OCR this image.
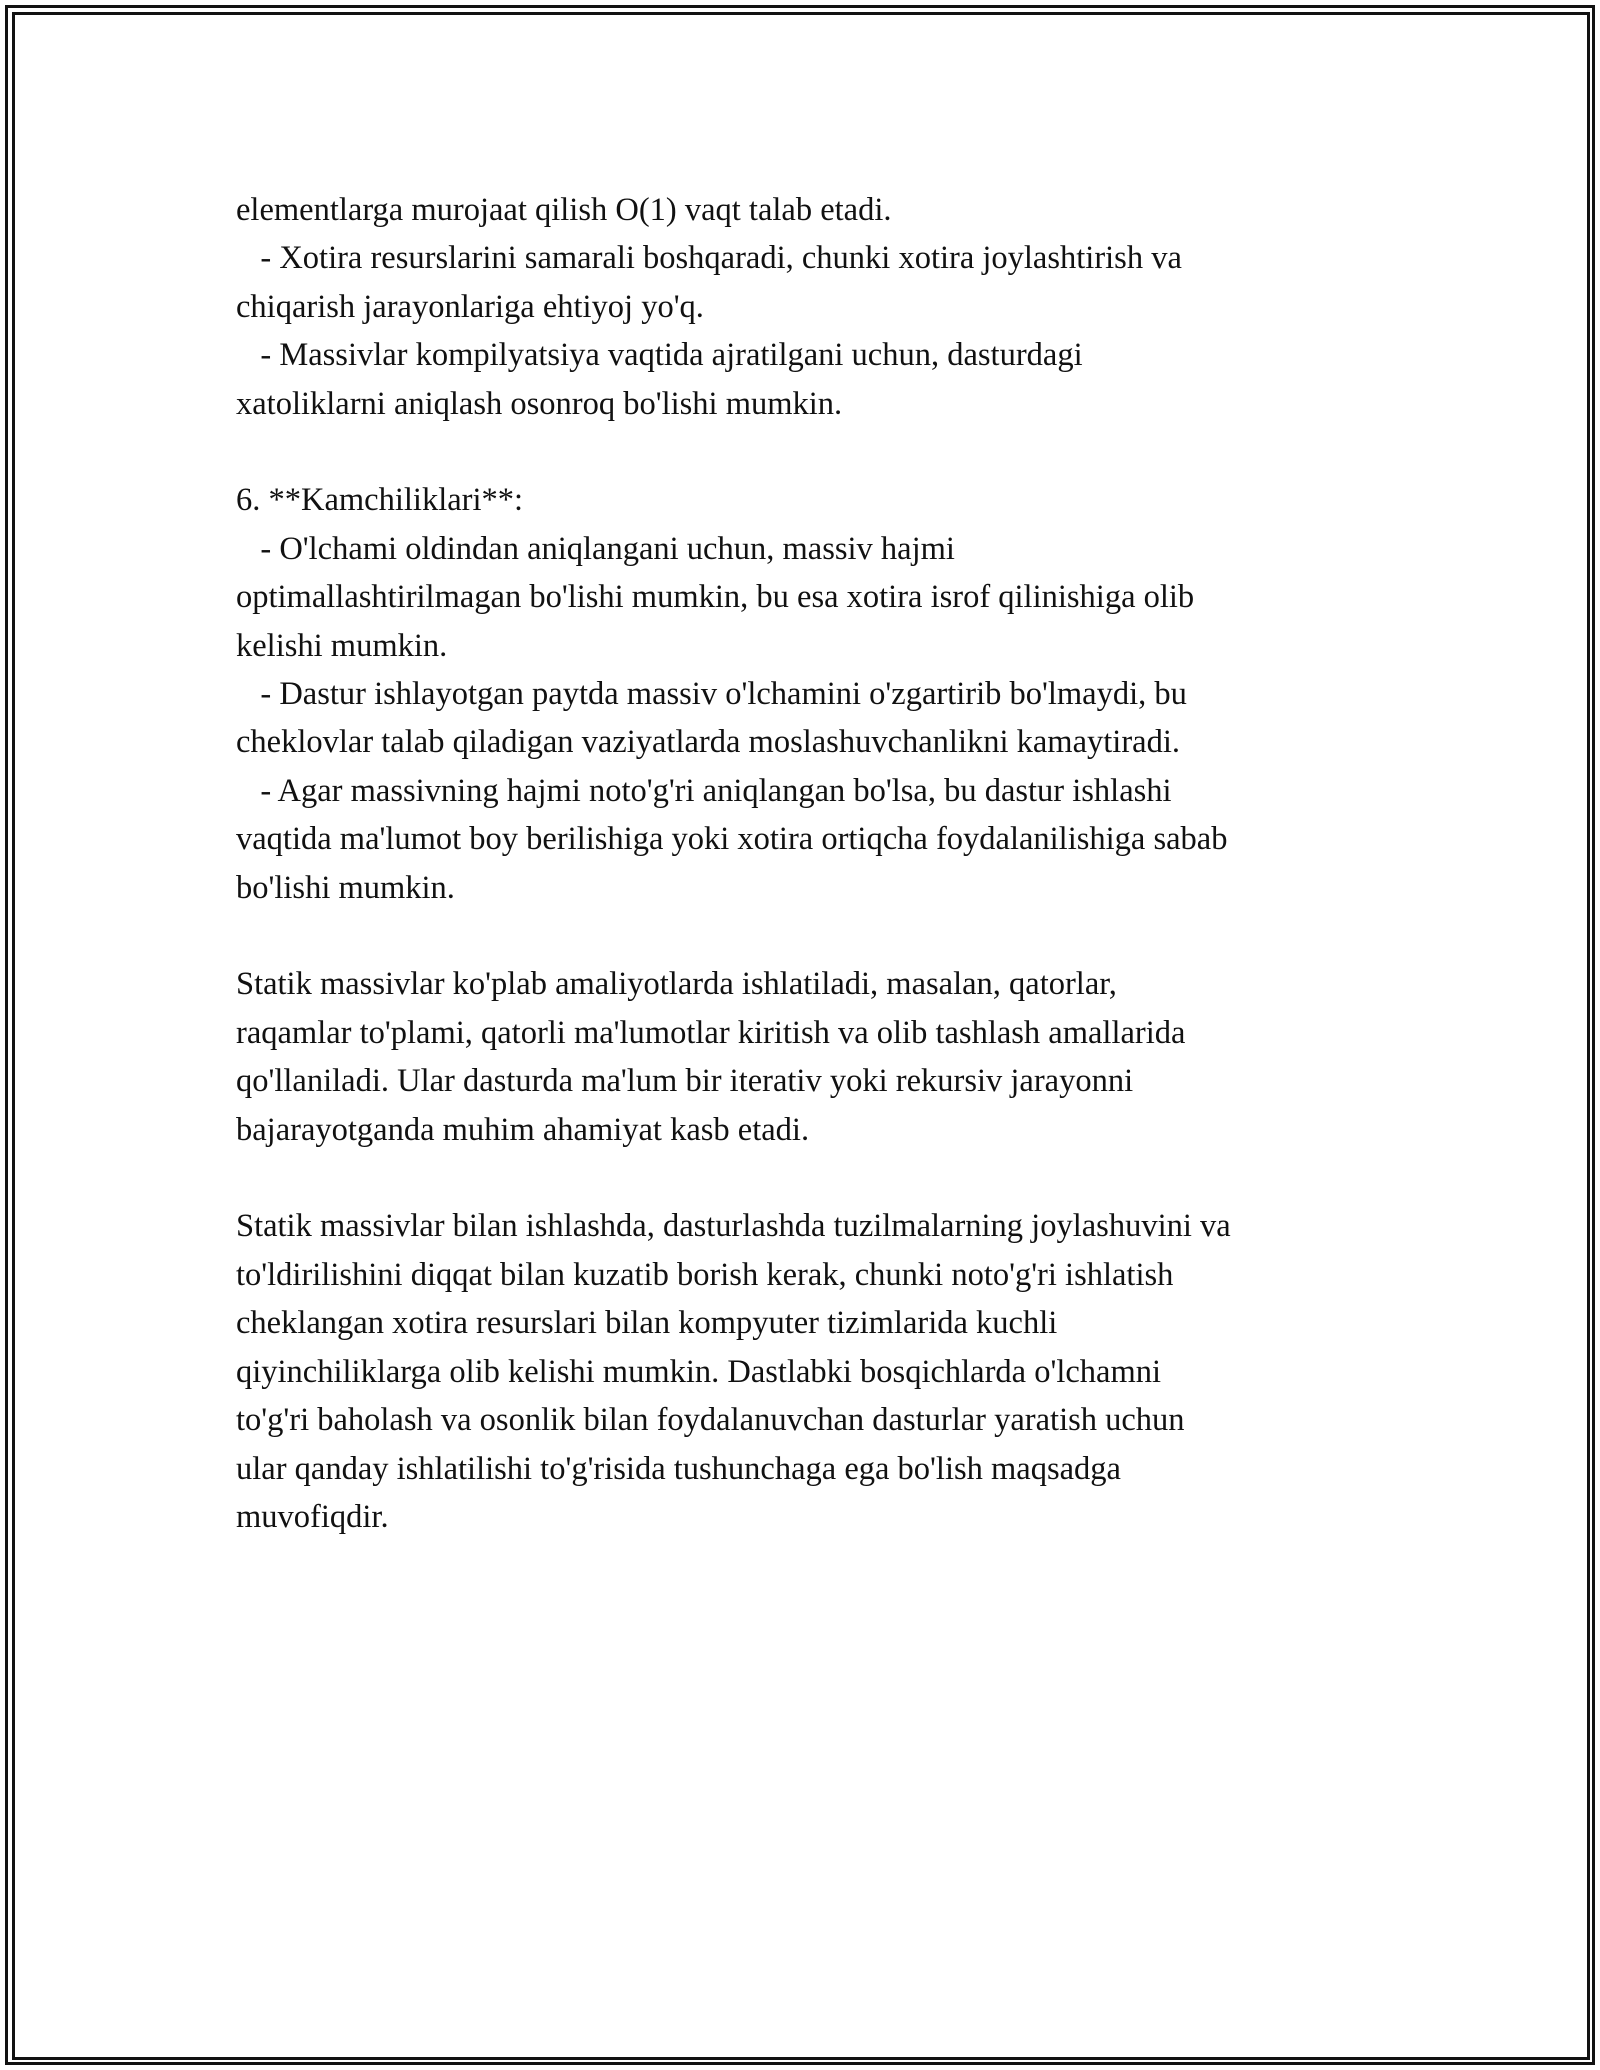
elementlarga murojaat qilish O(1) vaqt talab etadi.
- Xotira resurslarini samarali boshqaradi, chunki xotira joylashtirish va
chiqarish jarayonlariga ehtiyoj yo'q.
- Massivlar kompilyatsiya vaqtida ajratilgani uchun, dasturdagi
xatoliklarni aniqlash osonroq bo'lishi mumkin.
6. **Kamchiliklari**:
- O'lchami oldindan aniqlangani uchun, massiv hajmi
optimallashtirilmagan bo'lishi mumkin, bu esa xotira isrof qilinishiga olib
kelishi mumkin.
- Dastur ishlayotgan paytda massiv o'lchamini o'zgartirib bo'lmaydi, bu
cheklovlar talab qiladigan vaziyatlarda moslashuvchanlikni kamaytiradi.
- Agar massivning hajmi noto'g'ri aniqlangan bo'lsa, bu dastur ishlashi
vaqtida ma'lumot boy berilishiga yoki xotira ortiqcha foydalanilishiga sabab
bo'lishi mumkin.
Statik massivlar ko'plab amaliyotlarda ishlatiladi, masalan, qatorlar,
raqamlar to'plami, qatorli ma'lumotlar kiritish va olib tashlash amallarida
qo'llaniladi. Ular dasturda ma'lum bir iterativ yoki rekursiv jarayonni
bajarayotganda muhim ahamiyat kasb etadi.
Statik massivlar bilan ishlashda, dasturlashda tuzilmalarning joylashuvini va
to'ldirilishini diqqat bilan kuzatib borish kerak, chunki noto'g'ri ishlatish
cheklangan xotira resurslari bilan kompyuter tizimlarida kuchli
qiyinchiliklarga olib kelishi mumkin. Dastlabki bosqichlarda o'lchamni
to'g'ri baholash va osonlik bilan foydalanuvchan dasturlar yaratish uchun
ular qanday ishlatilishi to'g'risida tushunchaga ega bo'lish maqsadga
muvofiqdir.
